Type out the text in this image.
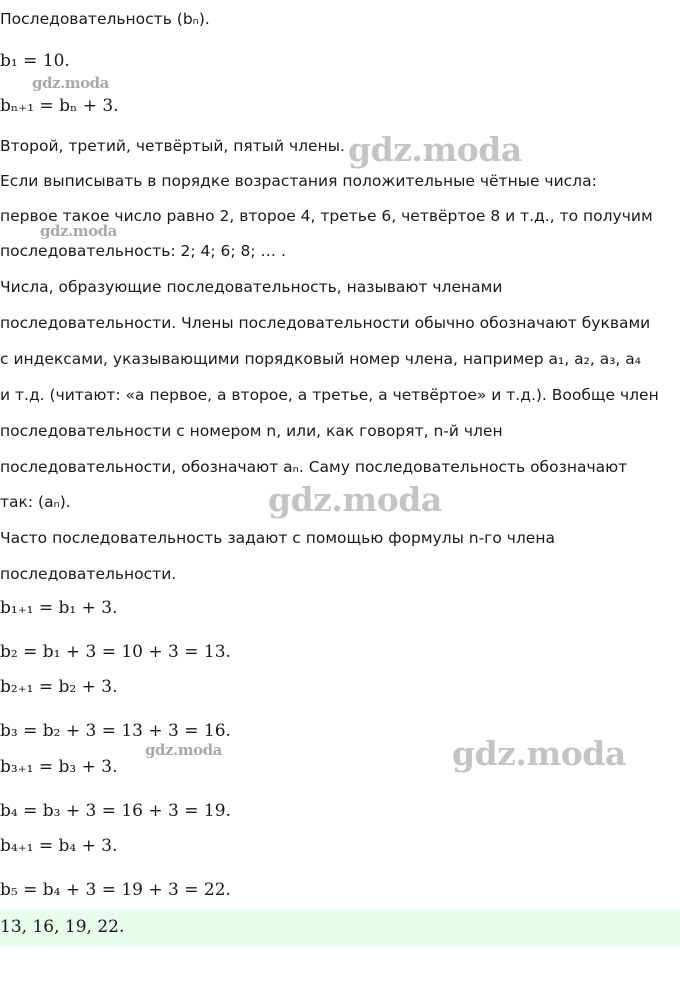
Последовательность (bₙ).
b₁ = 10.
bₙ₊₁ = bₙ + 3.
Второй, третий, четвёртый, пятый члены.
Если выписывать в порядке возрастания положительные чётные числа:
первое такое число равно 2, второе 4, третье 6, четвёртое 8 и т.д., то получим
последовательность: 2; 4; 6; 8; … .
Числа, образующие последовательность, называют членами
последовательности. Члены последовательности обычно обозначают буквами
с индексами, указывающими порядковый номер члена, например a₁, a₂, a₃, a₄
и т.д. (читают: «a первое, a второе, a третье, a четвёртое» и т.д.). Вообще член
последовательности с номером n, или, как говорят, n-й член
последовательности, обозначают aₙ. Саму последовательность обозначают
так: (aₙ).
Часто последовательность задают с помощью формулы n-го члена
последовательности.
b₁₊₁ = b₁ + 3.
b₂ = b₁ + 3 = 10 + 3 = 13.
b₂₊₁ = b₂ + 3.
b₃ = b₂ + 3 = 13 + 3 = 16.
b₃₊₁ = b₃ + 3.
b₄ = b₃ + 3 = 16 + 3 = 19.
b₄₊₁ = b₄ + 3.
b₅ = b₄ + 3 = 19 + 3 = 22.
13, 16, 19, 22.
gdz.moda
gdz.moda
gdz.moda
gdz.moda
gdz.moda	gdz.moda
